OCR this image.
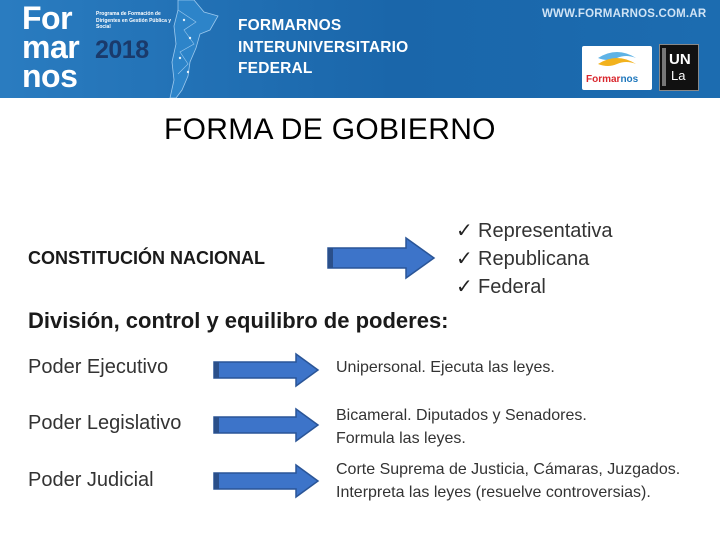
For
mar
nos
Programa de Formación de Dirigentes en Gestión Pública y Social
2018
FORMARNOS
INTERUNIVERSITARIO
FEDERAL
WWW.FORMARNOS.COM.AR
Formarnos
UN
La
FORMA DE GOBIERNO
CONSTITUCIÓN NACIONAL
✓ Representativa
✓ Republicana
✓ Federal
División, control y equilibro de poderes:
Poder Ejecutivo	Unipersonal. Ejecuta las leyes.
Poder Legislativo	Bicameral. Diputados y Senadores.
Formula las leyes.
Poder Judicial	Corte Suprema de Justicia, Cámaras, Juzgados.
Interpreta las leyes (resuelve controversias).
